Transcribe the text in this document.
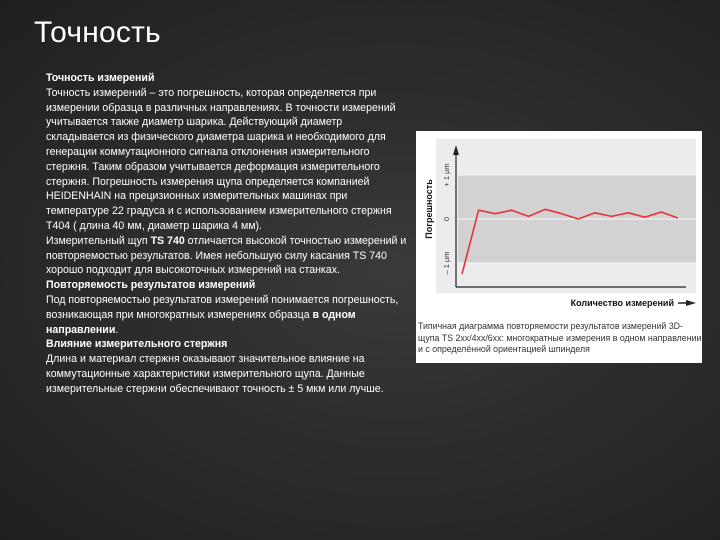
Точность

Точность измерений

Точность измерений – это погрешность, которая определяется при измерении образца в различных направлениях. В точности измерений учитывается также диаметр шарика. Действующий диаметр складывается из физического диаметра шарика и необходимого для генерации коммутационного сигнала отклонения измерительного стержня. Таким образом учитывается деформация измерительного стержня. Погрешность измерения щупа определяется компанией HEIDENHAIN на прецизионных измерительных машинах при температуре 22 градуса и с использованием измерительного стержня T404 ( длина 40 мм, диаметр шарика 4 мм).

Измерительный щуп TS 740 отличается высокой точностью измерений и повторяемостью результатов. Имея небольшую силу касания TS 740 хорошо подходит для высокоточных измерений на станках.

Повторяемость результатов измерений

Под повторяемостью результатов измерений понимается погрешность, возникающая при многократных измерениях образца в одном направлении.

Влияние измерительного стержня

Длина и материал стержня оказывают значительное влияние на коммутационные характеристики измерительного щупа. Данные измерительные стержни обеспечивают точность ± 5 мкм или лучше.

Погрешность
– 1 μm
0
+ 1 μm
Количество измерений
Типичная диаграмма повторяемости результатов измерений 3D-щупа TS 2xx/4xx/6xx: многократные измерения в одном направлении и с определённой ориентацией шпинделя
